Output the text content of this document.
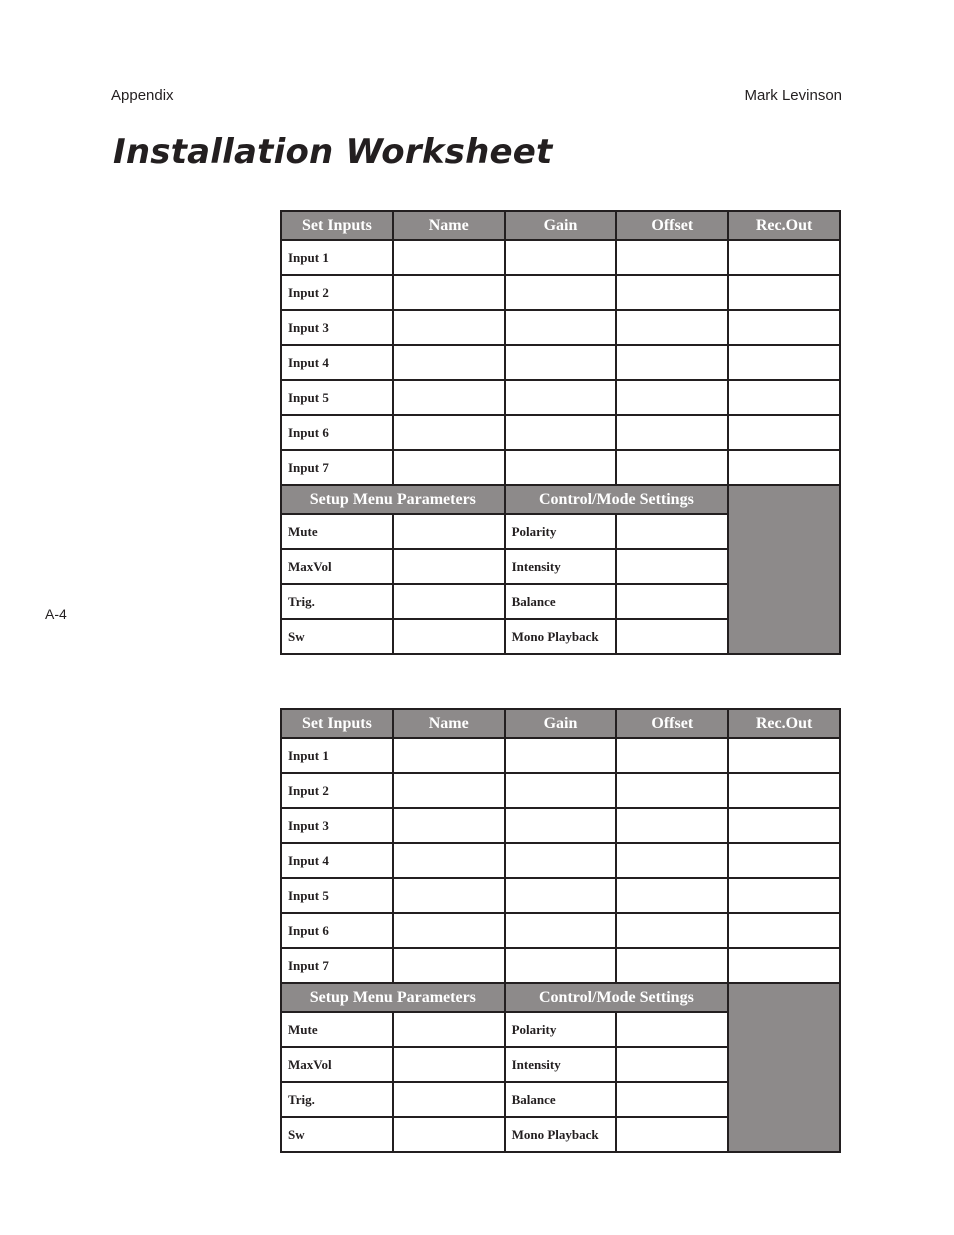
Appendix	Mark Levinson
Installation Worksheet
A-4
Set Inputs	Name	Gain	Offset	Rec.Out
Input 1				
Input 2				
Input 3				
Input 4				
Input 5				
Input 6				
Input 7				
Setup Menu Parameters		Control/Mode Settings		
Mute		Polarity		
MaxVol		Intensity		
Trig.		Balance		
Sw		Mono Playback		
Set Inputs	Name	Gain	Offset	Rec.Out
Input 1				
Input 2				
Input 3				
Input 4				
Input 5				
Input 6				
Input 7				
Setup Menu Parameters		Control/Mode Settings		
Mute		Polarity		
MaxVol		Intensity		
Trig.		Balance		
Sw		Mono Playback		
